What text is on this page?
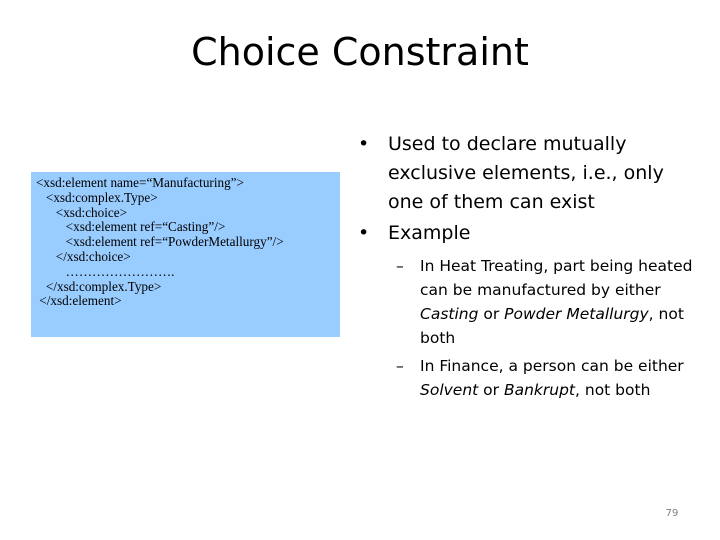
Choice Constraint
<xsd:element name=“Manufacturing”>
<xsd:complex.Type>
<xsd:choice>
<xsd:element ref=“Casting”/>
<xsd:element ref=“PowderMetallurgy”/>
</xsd:choice>
…………………….
</xsd:complex.Type>
</xsd:element>
• Used to declare mutually exclusive elements, i.e., only one of them can exist
• Example
– In Heat Treating, part being heated can be manufactured by either Casting or Powder Metallurgy, not both
– In Finance, a person can be either Solvent or Bankrupt, not both
79
